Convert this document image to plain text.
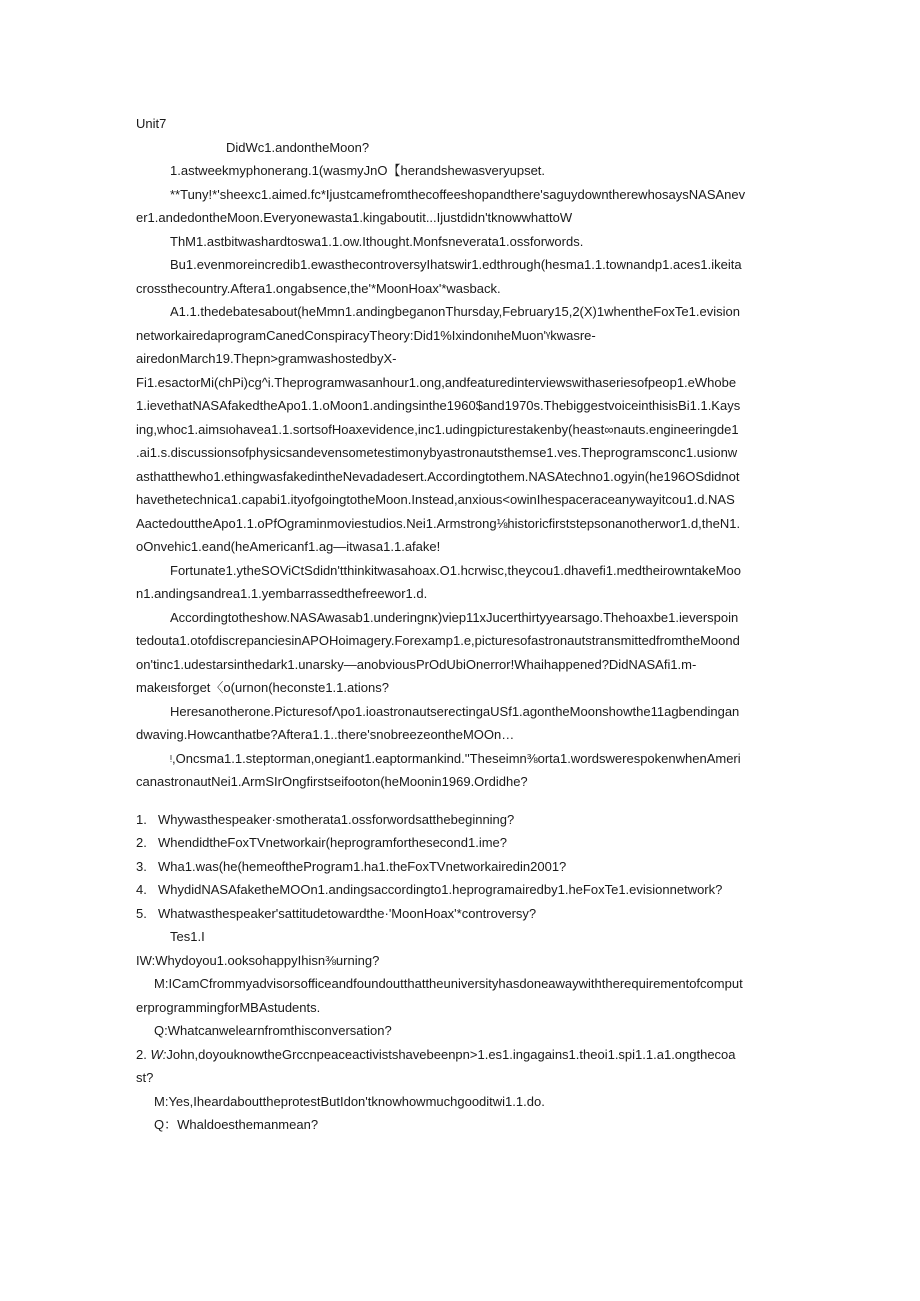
Unit7
DidWc1.andontheMoon?
1.astweekmyphonerang.1(wasmyJnO【herandshewasveryupset.
**Tuny!*'sheexc1.aimed.fc*Ijustcamefromthecoffeeshopandthere'saguydowntherewhosaysNASAnev
er1.andedontheMoon.Everyonewasta1.kingaboutit...Ijustdidn'tknowwhattoW
ThM1.astbitwashardtoswa1.1.ow.Ithought.Monfsneverata1.ossforwords.
Bu1.evenmoreincredib1.ewasthecontroversyIhatswir1.edthrough(hesma1.1.townandp1.aces1.ikeita
crossthecountry.Aftera1.ongabsence,the'*MoonHoax'*wasback.
A1.1.thedebatesabout(heMmn1.andingbeganonThursday,February15,2(X)1whentheFoxTe1.evision
networkairedaprogramCanedConspiracyTheory:Did1%IxindonιheMuon'ᵞkwasre-
airedonMarch19.Thepn>gramwashostedbyX-
Fi1.esactorMi(chPi)cg^i.Theprogramwasanhour1.ong,andfeaturedinterviewswithaseriesofpeop1.eWhobe
1.ievethatNASAfakedtheApo1.1.oMoon1.andingsinthe1960$and1970s.ThebiggestvoiceinthisisBi1.1.Kays
ing,whoc1.aimsιohavea1.1.sortsofHoaxevidence,inc1.udingpicturestakenby(heast∞nauts.engineeringde1
.ai1.s.discussionsofphysicsandevensometestimonybyastronautsthemse1.ves.Theprogramsconc1.usionw
asthatthewho1.ethingwasfakedintheNevadadesert.Accordingtothem.NASAtechno1.ogyin(he196OSdidnot
havethetechnica1.capabi1.ityofgoingtotheMoon.Instead,anxious<owinIhespaceraceanywayitcou1.d.NAS
AactedouttheApo1.1.oPfOgraminmoviestudios.Nei1.Armstrong⅛historicfirststepsonanotherwor1.d,theN1.
oOnvehic1.eand(heAmericanf1.ag—itwasa1.1.afake!
Fortunate1.ytheSOViCtSdidn'tthinkitwasahoax.O1.hcrwisc,theycou1.dhavefi1.medtheirowntakeMoo
n1.andingsandrea1.1.yembarrassedthefreewor1.d.
Accordingtotheshow.NASAwasab1.underingnκ)viep11xJucerthirtyyearsago.Thehoaxbe1.ieverspoin
tedouta1.otofdiscrepanciesinAPOHoimagery.Forexamp1.e,picturesofastronautstransmittedfromtheMoond
on'tinc1.udestarsinthedark1.unarsky—anobviousPrOdUbiOnerror!Whaihappened?DidNASAfi1.m-
makeιsforget〈o(urnon(heconste1.1.ations?
Heresanotherone.PicturesofΛpo1.ioastronautserectingaUSf1.agontheMoonshowthe11agbendingan
dwaving.Howcanthatbe?Aftera1.1..there'snobreezeontheMOOn…
ᵎ,Oncsma1.1.steptorman,onegiant1.eaptormankind.''Theseimn⅜orta1.wordswerespokenwhenAmeri
canastronautNei1.ArmSIrOngfirstseifooton(heMoonin1969.Ordidhe?
1. Whywasthespeaker·smotherata1.ossforwordsatthebeginning?
2. WhendidtheFoxTVnetworkair(heprogramforthesecond1.ime?
3. Wha1.was(he(hemeoftheProgram1.ha1.theFoxTVnetworkairedin2001?
4. WhydidNASAfaketheMOOn1.andingsaccordingto1.heprogramairedby1.heFoxTe1.evisionnetwork?
5. Whatwasthespeaker'sattitudetowardthe·'MoonHoax'*controversy?
Tes1.I
IW:Whydoyou1.ooksohappyIhisn⅜urning?
M:ICamCfrommyadvisorsofficeandfoundoutthattheuniversityhasdoneawaywiththerequirementofcomput
erprogrammingforMBAstudents.
Q:Whatcanwelearnfromthisconversation?
2. W:John,doyouknowtheGrccnpeaceactivistshavebeenpn>1.es1.ingagains1.theoi1.spi1.1.a1.ongthecoa
st?
M:Yes,IheardabouttheprotestButIdon'tknowhowmuchgooditwi1.1.do.
Q：Whaldoesthemanmean?
